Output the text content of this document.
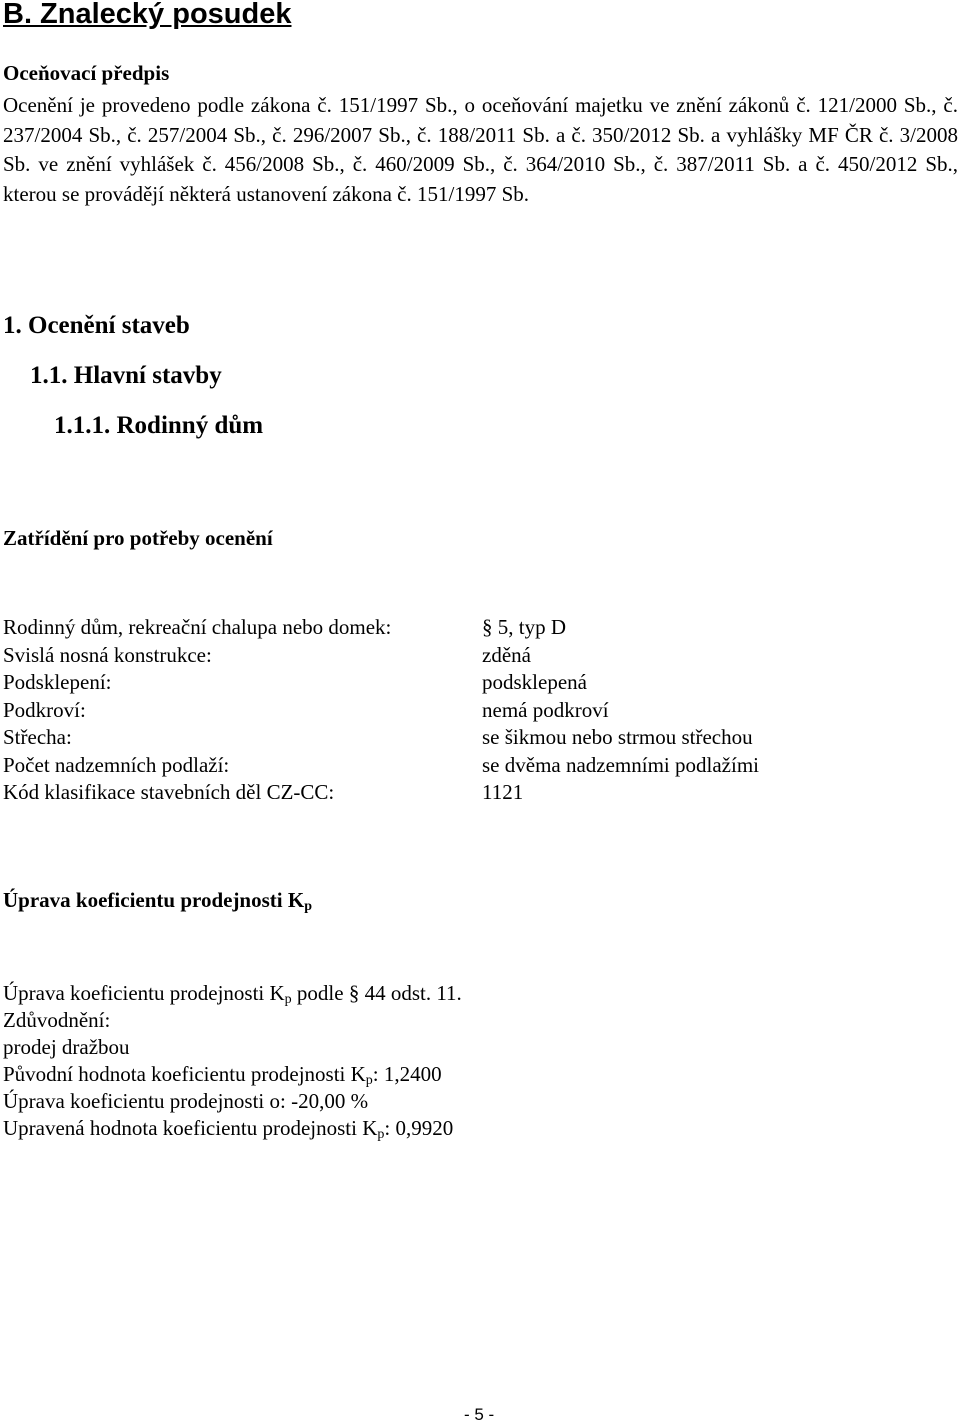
B. Znalecký posudek
Oceňovací předpis

Ocenění je provedeno podle zákona č. 151/1997 Sb., o oceňování majetku ve znění zákonů č. 121/2000 Sb., č. 237/2004 Sb., č. 257/2004 Sb., č. 296/2007 Sb., č. 188/2011 Sb. a č. 350/2012 Sb. a vyhlášky MF ČR č. 3/2008 Sb. ve znění vyhlášek č. 456/2008 Sb., č. 460/2009 Sb., č. 364/2010 Sb., č. 387/2011 Sb. a č. 450/2012 Sb., kterou se provádějí některá ustanovení zákona č. 151/1997 Sb.

1. Ocenění staveb
1.1. Hlavní stavby
1.1.1. Rodinný dům
Zatřídění pro potřeby ocenění
Rodinný dům, rekreační chalupa nebo domek:	§ 5, typ D
Svislá nosná konstrukce:	zděná
Podsklepení:	podsklepená
Podkroví:	nemá podkroví
Střecha:	se šikmou nebo strmou střechou
Počet nadzemních podlaží:	se dvěma nadzemními podlažími
Kód klasifikace stavebních děl CZ-CC:	1121
Úprava koeficientu prodejnosti $K_p$

Úprava koeficientu prodejnosti $K_p$ podle § 44 odst. 11.

Zdůvodnění:

prodej dražbou

Původní hodnota koeficientu prodejnosti $K_p$: 1,2400

Úprava koeficientu prodejnosti o: -20,00 %

Upravená hodnota koeficientu prodejnosti $K_p$: 0,9920

- 5 -
